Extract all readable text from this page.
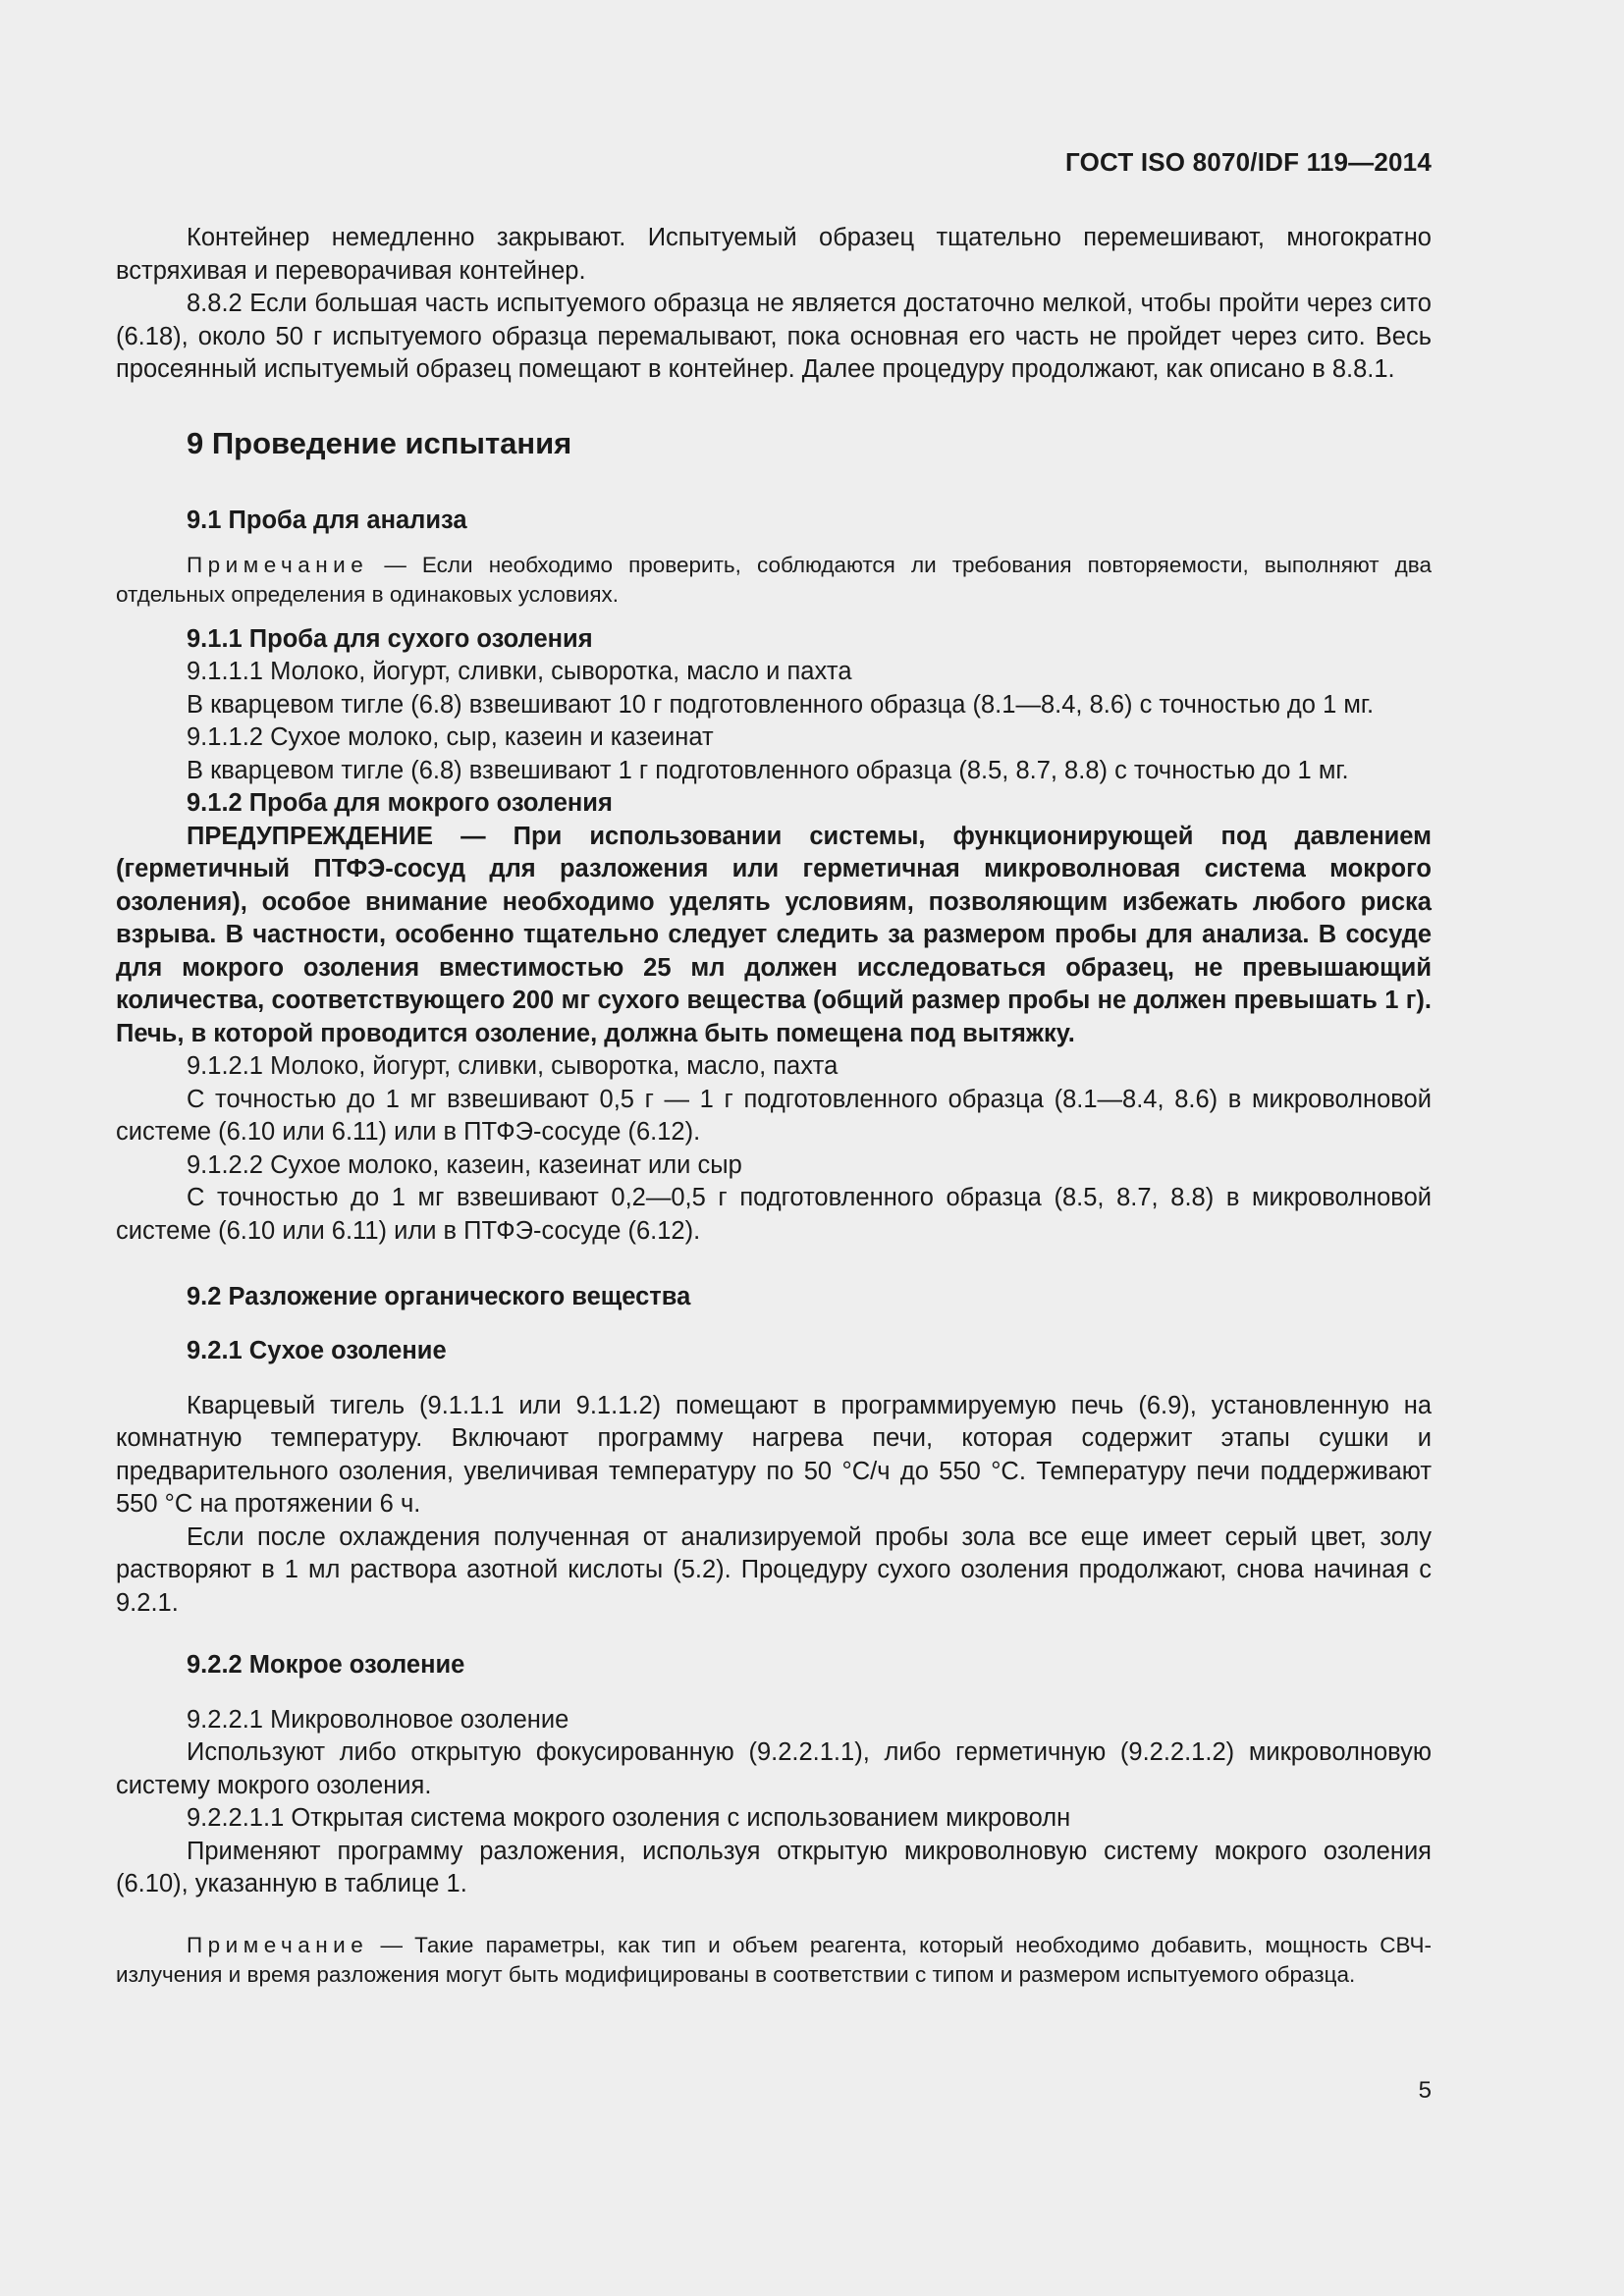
ГОСТ ISO 8070/IDF 119—2014

Контейнер немедленно закрывают. Испытуемый образец тщательно перемешивают, многократно встряхивая и переворачивая контейнер.

8.8.2 Если большая часть испытуемого образца не является достаточно мелкой, чтобы пройти через сито (6.18), около 50 г испытуемого образца перемалывают, пока основная его часть не пройдет через сито. Весь просеянный испытуемый образец помещают в контейнер. Далее процедуру продолжают, как описано в 8.8.1.

9 Проведение испытания
9.1 Проба для анализа
Примечание — Если необходимо проверить, соблюдаются ли требования повторяемости, выполняют два отдельных определения в одинаковых условиях.
9.1.1 Проба для сухого озоления

9.1.1.1 Молоко, йогурт, сливки, сыворотка, масло и пахта

В кварцевом тигле (6.8) взвешивают 10 г подготовленного образца (8.1—8.4, 8.6) с точностью до 1 мг.

9.1.1.2 Сухое молоко, сыр, казеин и казеинат

В кварцевом тигле (6.8) взвешивают 1 г подготовленного образца (8.5, 8.7, 8.8) с точностью до 1 мг.

9.1.2 Проба для мокрого озоления

ПРЕДУПРЕЖДЕНИЕ — При использовании системы, функционирующей под давлением (герметичный ПТФЭ-сосуд для разложения или герметичная микроволновая система мокрого озоления), особое внимание необходимо уделять условиям, позволяющим избежать любого риска взрыва. В частности, особенно тщательно следует следить за размером пробы для анализа. В сосуде для мокрого озоления вместимостью 25 мл должен исследоваться образец, не превышающий количества, соответствующего 200 мг сухого вещества (общий размер пробы не должен превышать 1 г). Печь, в которой проводится озоление, должна быть помещена под вытяжку.

9.1.2.1 Молоко, йогурт, сливки, сыворотка, масло, пахта

С точностью до 1 мг взвешивают 0,5 г — 1 г подготовленного образца (8.1—8.4, 8.6) в микроволновой системе (6.10 или 6.11) или в ПТФЭ-сосуде (6.12).

9.1.2.2 Сухое молоко, казеин, казеинат или сыр

С точностью до 1 мг взвешивают 0,2—0,5 г подготовленного образца (8.5, 8.7, 8.8) в микроволновой системе (6.10 или 6.11) или в ПТФЭ-сосуде (6.12).

9.2 Разложение органического вещества
9.2.1 Сухое озоление

Кварцевый тигель (9.1.1.1 или 9.1.1.2) помещают в программируемую печь (6.9), установленную на комнатную температуру. Включают программу нагрева печи, которая содержит этапы сушки и предварительного озоления, увеличивая температуру по 50 °C/ч до 550 °C. Температуру печи поддерживают 550 °C на протяжении 6 ч.

Если после охлаждения полученная от анализируемой пробы зола все еще имеет серый цвет, золу растворяют в 1 мл раствора азотной кислоты (5.2). Процедуру сухого озоления продолжают, снова начиная с 9.2.1.

9.2.2 Мокрое озоление

9.2.2.1 Микроволновое озоление

Используют либо открытую фокусированную (9.2.2.1.1), либо герметичную (9.2.2.1.2) микроволновую систему мокрого озоления.

9.2.2.1.1 Открытая система мокрого озоления с использованием микроволн

Применяют программу разложения, используя открытую микроволновую систему мокрого озоления (6.10), указанную в таблице 1.

Примечание — Такие параметры, как тип и объем реагента, который необходимо добавить, мощность СВЧ-излучения и время разложения могут быть модифицированы в соответствии с типом и размером испытуемого образца.
5
